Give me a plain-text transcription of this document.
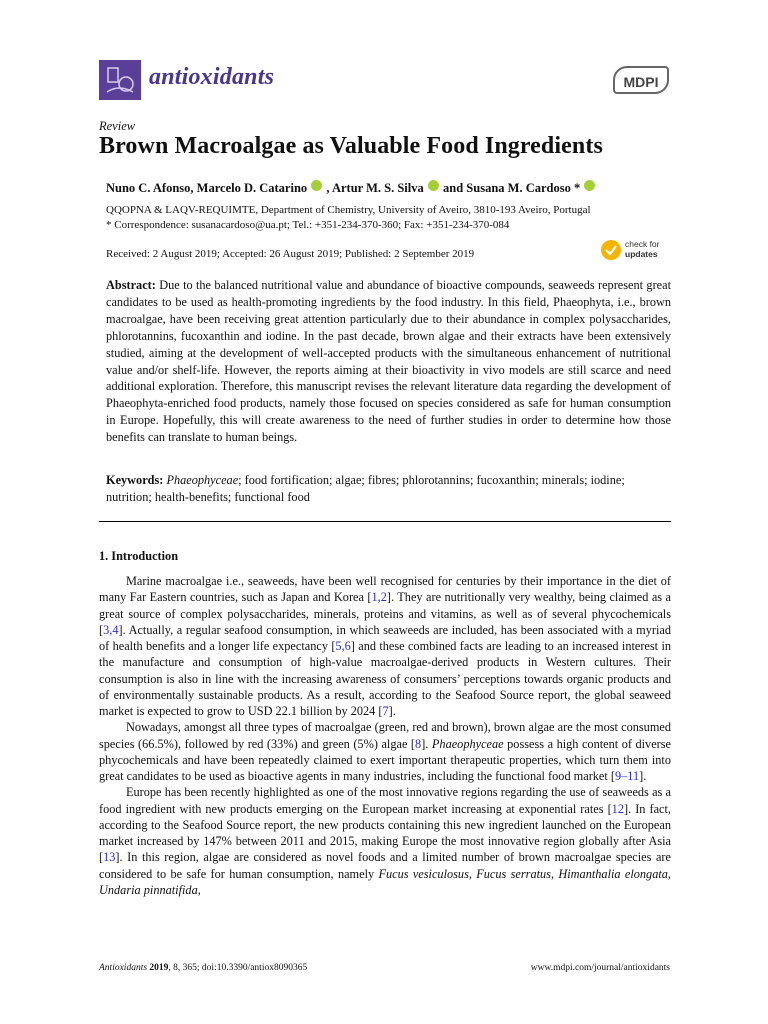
antioxidants	MDPI
Review
Brown Macroalgae as Valuable Food Ingredients
Nuno C. Afonso, Marcelo D. Catarino , Artur M. S. Silva  and Susana M. Cardoso *
QQOPNA & LAQV-REQUIMTE, Department of Chemistry, University of Aveiro, 3810-193 Aveiro, Portugal
* Correspondence: susanacardoso@ua.pt; Tel.: +351-234-370-360; Fax: +351-234-370-084
Received: 2 August 2019; Accepted: 26 August 2019; Published: 2 September 2019
check for
updates
Abstract: Due to the balanced nutritional value and abundance of bioactive compounds, seaweeds represent great candidates to be used as health-promoting ingredients by the food industry. In this field, Phaeophyta, i.e., brown macroalgae, have been receiving great attention particularly due to their abundance in complex polysaccharides, phlorotannins, fucoxanthin and iodine. In the past decade, brown algae and their extracts have been extensively studied, aiming at the development of well-accepted products with the simultaneous enhancement of nutritional value and/or shelf-life. However, the reports aiming at their bioactivity in vivo models are still scarce and need additional exploration. Therefore, this manuscript revises the relevant literature data regarding the development of Phaeophyta-enriched food products, namely those focused on species considered as safe for human consumption in Europe. Hopefully, this will create awareness to the need of further studies in order to determine how those benefits can translate to human beings.
Keywords: Phaeophyceae; food fortification; algae; fibres; phlorotannins; fucoxanthin; minerals; iodine; nutrition; health-benefits; functional food
1. Introduction

Marine macroalgae i.e., seaweeds, have been well recognised for centuries by their importance in the diet of many Far Eastern countries, such as Japan and Korea [1,2]. They are nutritionally very wealthy, being claimed as a great source of complex polysaccharides, minerals, proteins and vitamins, as well as of several phycochemicals [3,4]. Actually, a regular seafood consumption, in which seaweeds are included, has been associated with a myriad of health benefits and a longer life expectancy [5,6] and these combined facts are leading to an increased interest in the manufacture and consumption of high-value macroalgae-derived products in Western cultures. Their consumption is also in line with the increasing awareness of consumers’ perceptions towards organic products and of environmentally sustainable products. As a result, according to the Seafood Source report, the global seaweed market is expected to grow to USD 22.1 billion by 2024 [7].

Nowadays, amongst all three types of macroalgae (green, red and brown), brown algae are the most consumed species (66.5%), followed by red (33%) and green (5%) algae [8]. Phaeophyceae possess a high content of diverse phycochemicals and have been repeatedly claimed to exert important therapeutic properties, which turn them into great candidates to be used as bioactive agents in many industries, including the functional food market [9–11].

Europe has been recently highlighted as one of the most innovative regions regarding the use of seaweeds as a food ingredient with new products emerging on the European market increasing at exponential rates [12]. In fact, according to the Seafood Source report, the new products containing this new ingredient launched on the European market increased by 147% between 2011 and 2015, making Europe the most innovative region globally after Asia [13]. In this region, algae are considered as novel foods and a limited number of brown macroalgae species are considered to be safe for human consumption, namely Fucus vesiculosus, Fucus serratus, Himanthalia elongata, Undaria pinnatifida,

Antioxidants 2019, 8, 365; doi:10.3390/antiox8090365	www.mdpi.com/journal/antioxidants
